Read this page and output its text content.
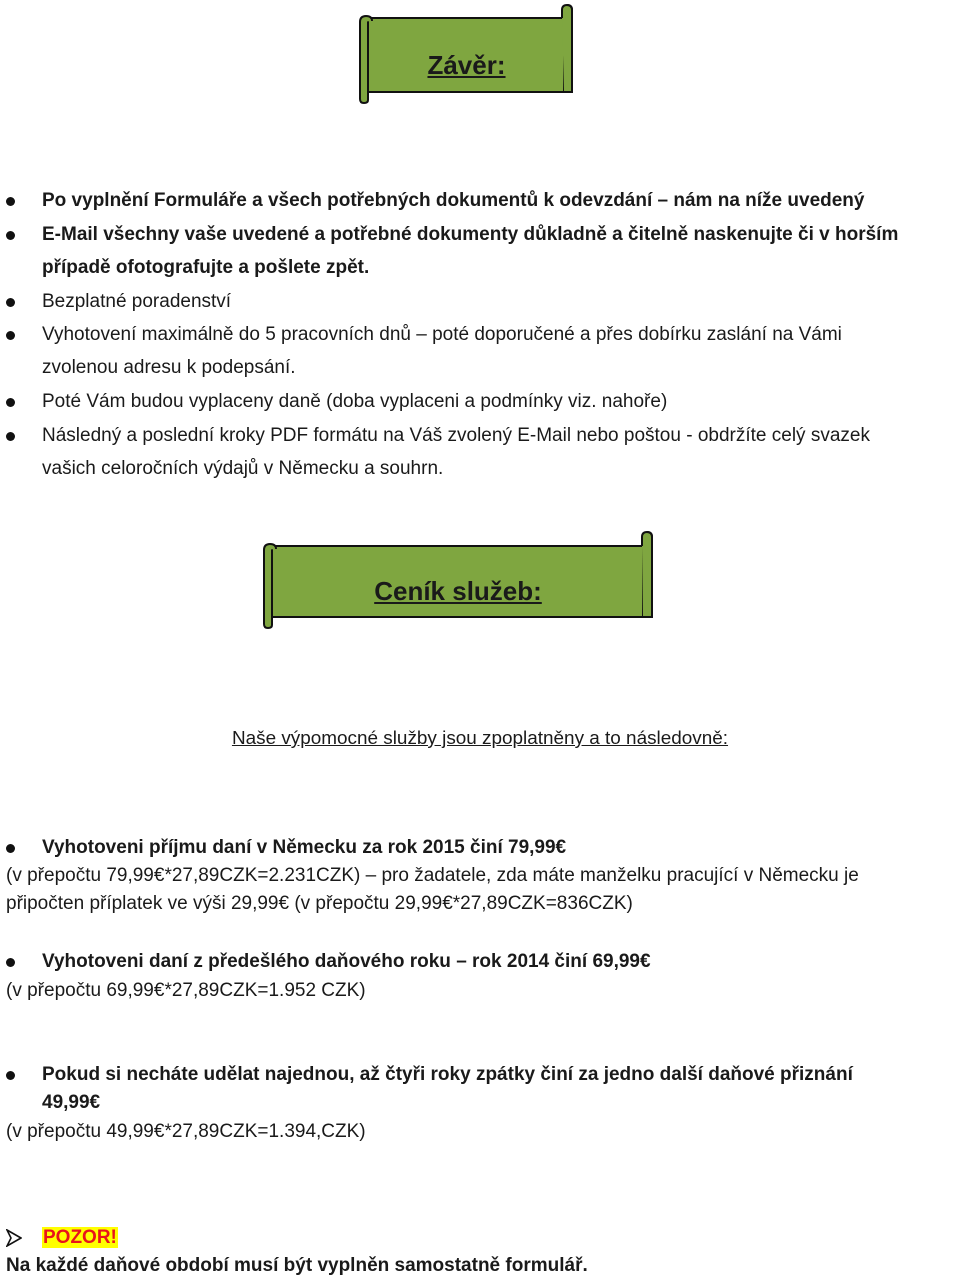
Závěr:
Po vyplnění Formuláře a všech potřebných dokumentů k odevzdání – nám na níže uvedený
E-Mail všechny vaše uvedené a potřebné dokumenty důkladně a čitelně naskenujte či v horším
případě ofotografujte a pošlete zpět.
Bezplatné poradenství
Vyhotovení maximálně do 5 pracovních dnů – poté doporučené a přes dobírku zaslání na Vámi
zvolenou adresu k podepsání.
Poté Vám budou vyplaceny daně (doba vyplaceni a podmínky viz. nahoře)
Následný a poslední kroky PDF formátu na Váš zvolený E-Mail nebo poštou - obdržíte celý svazek
vašich celoročních výdajů v Německu a souhrn.
Ceník služeb:
Naše výpomocné služby jsou zpoplatněny a to následovně:
Vyhotoveni příjmu daní v Německu za rok 2015 činí 79,99€
(v přepočtu 79,99€*27,89CZK=2.231CZK) – pro žadatele, zda máte manželku pracující v Německu je
připočten příplatek ve výši 29,99€ (v přepočtu 29,99€*27,89CZK=836CZK)
Vyhotoveni daní z předešlého daňového roku – rok 2014 činí 69,99€
(v přepočtu 69,99€*27,89CZK=1.952 CZK)
Pokud si necháte udělat najednou, až čtyři roky zpátky činí za jedno další daňové přiznání
49,99€
(v přepočtu 49,99€*27,89CZK=1.394,CZK)
POZOR!
Na každé daňové období musí být vyplněn samostatně formulář.
